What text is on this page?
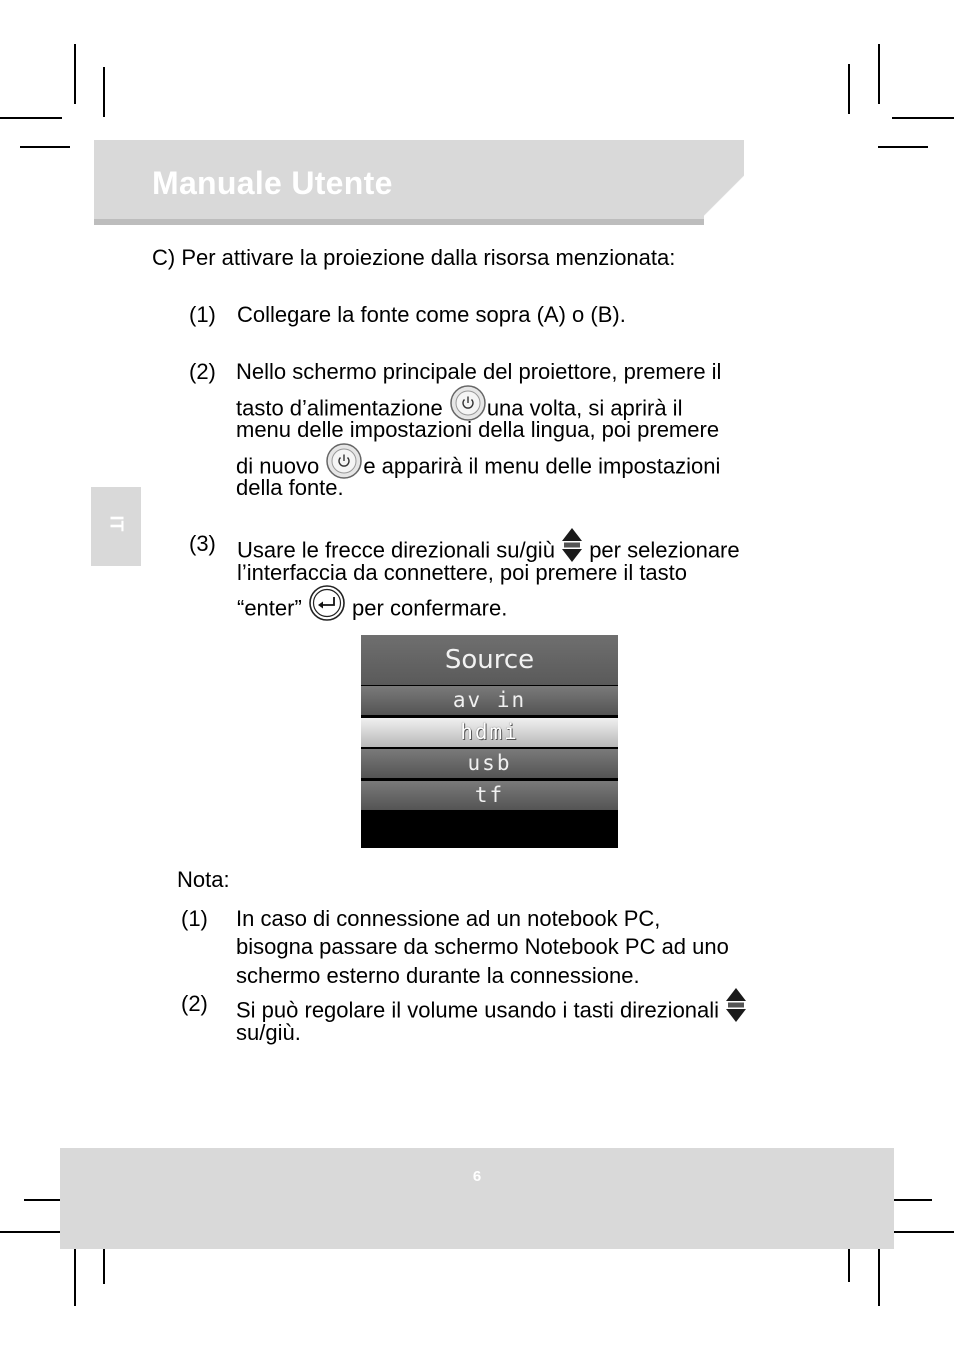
Manuale Utente
IT
C) Per attivare la proiezione dalla risorsa menzionata:
(1) Collegare la fonte come sopra (A) o (B).
(2) Nello schermo principale del proiettore, premere il
tasto d’alimentazione una volta, si aprirà il
menu delle impostazioni della lingua, poi premere
di nuovo e apparirà il menu delle impostazioni
della fonte.
(3) Usare le frecce direzionali su/giù per selezionare
l’interfaccia da connettere, poi premere il tasto
“enter” per confermare.
Source
av in
hdmi
usb
tf
Nota:
(1) In caso di connessione ad un notebook PC,
bisogna passare da schermo Notebook PC ad uno
schermo esterno durante la connessione.
(2) Si può regolare il volume usando i tasti direzionali
su/giù.
6
